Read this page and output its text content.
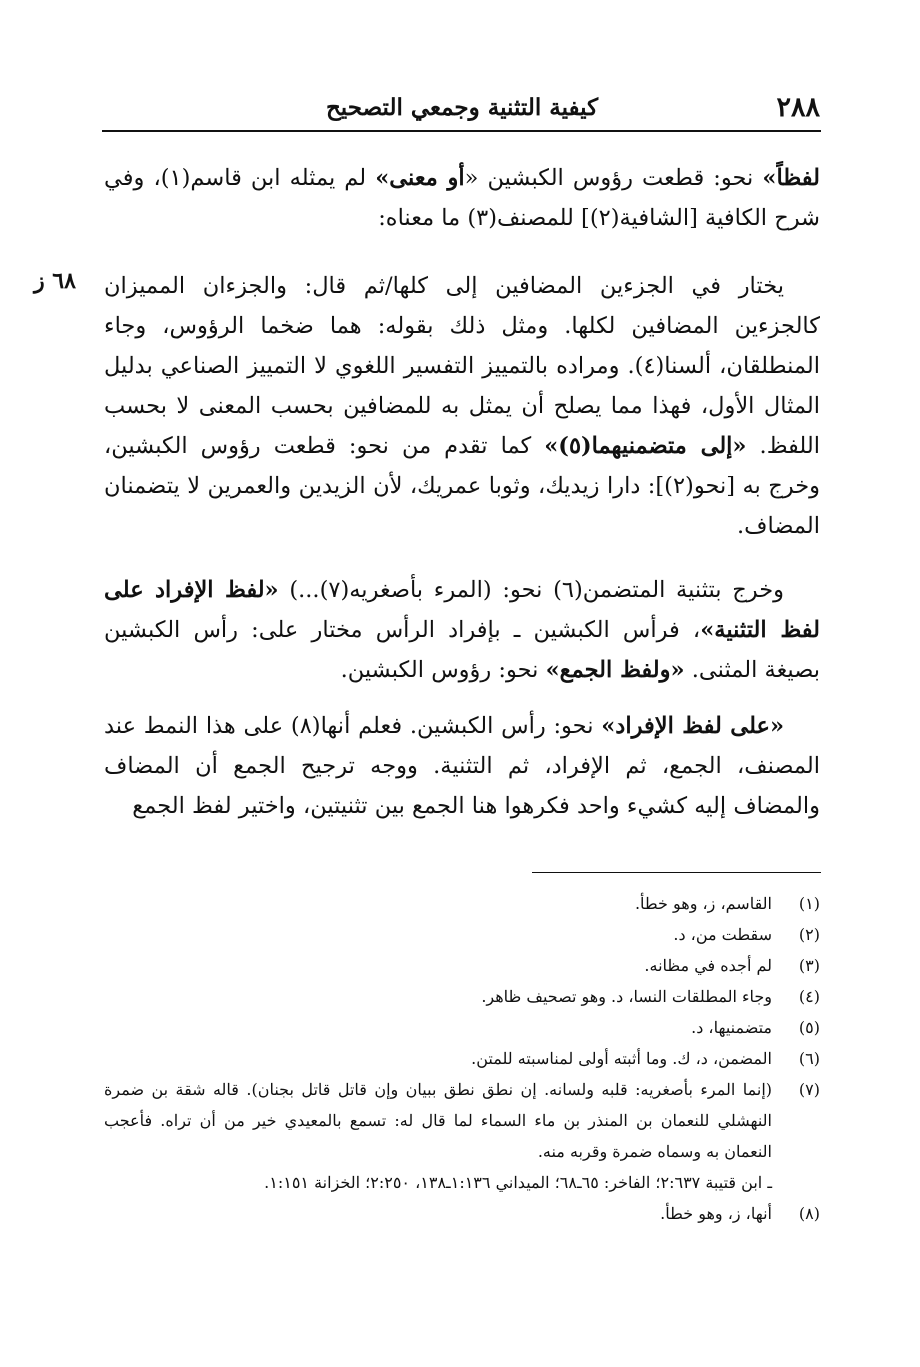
٢٨٨
كيفية التثنية وجمعي التصحيح
٦٨ ز

لفظاً» نحو: قطعت رؤوس الكبشين «أو معنى» لم يمثله ابن قاسم(١)، وفي شرح الكافية [الشافية(٢)] للمصنف(٣) ما معناه:

يختار في الجزءين المضافين إلى كلها/ثم قال: والجزءان المميزان كالجزءين المضافين لكلها. ومثل ذلك بقوله: هما ضخما الرؤوس، وجاء المنطلقان، ألسنا(٤). ومراده بالتمييز التفسير اللغوي لا التمييز الصناعي بدليل المثال الأول، فهذا مما يصلح أن يمثل به للمضافين بحسب المعنى لا بحسب اللفظ. «إلى متضمنيهما(٥)» كما تقدم من نحو: قطعت رؤوس الكبشين، وخرج به [نحو(٢)]: دارا زيديك، وثوبا عمريك، لأن الزيدين والعمرين لا يتضمنان المضاف.

وخرج بتثنية المتضمن(٦) نحو: (المرء بأصغريه(٧)...) «لفظ الإفراد على لفظ التثنية»، فرأس الكبشين ـ بإفراد الرأس مختار على: رأس الكبشين بصيغة المثنى. «ولفظ الجمع» نحو: رؤوس الكبشين.

«على لفظ الإفراد» نحو: رأس الكبشين. فعلم أنها(٨) على هذا النمط عند المصنف، الجمع، ثم الإفراد، ثم التثنية. ووجه ترجيح الجمع أن المضاف والمضاف إليه كشيء واحد فكرهوا هنا الجمع بين تثنيتين، واختير لفظ الجمع

(١)
القاسم، ز، وهو خطأ.
(٢)
سقطت من، د.
(٣)
لم أجده في مظانه.
(٤)
وجاء المطلقات النسا، د. وهو تصحيف ظاهر.
(٥)
متضمنيها، د.
(٦)
المضمن، د، ك. وما أثبته أولى لمناسبته للمتن.
(٧)
(إنما المرء بأصغريه: قلبه ولسانه. إن نطق نطق ببيان وإن قاتل قاتل بجنان). قاله شقة بن ضمرة النهشلي للنعمان بن المنذر بن ماء السماء لما قال له: تسمع بالمعيدي خير من أن تراه. فأعجب النعمان به وسماه ضمرة وقربه منه.
ـ ابن قتيبة ٢:٦٣٧؛ الفاخر: ٦٥ـ٦٨؛ الميداني ١:١٣٦ـ١٣٨، ٢:٢٥٠؛ الخزانة ١:١٥١.
(٨)
أنها، ز، وهو خطأ.
